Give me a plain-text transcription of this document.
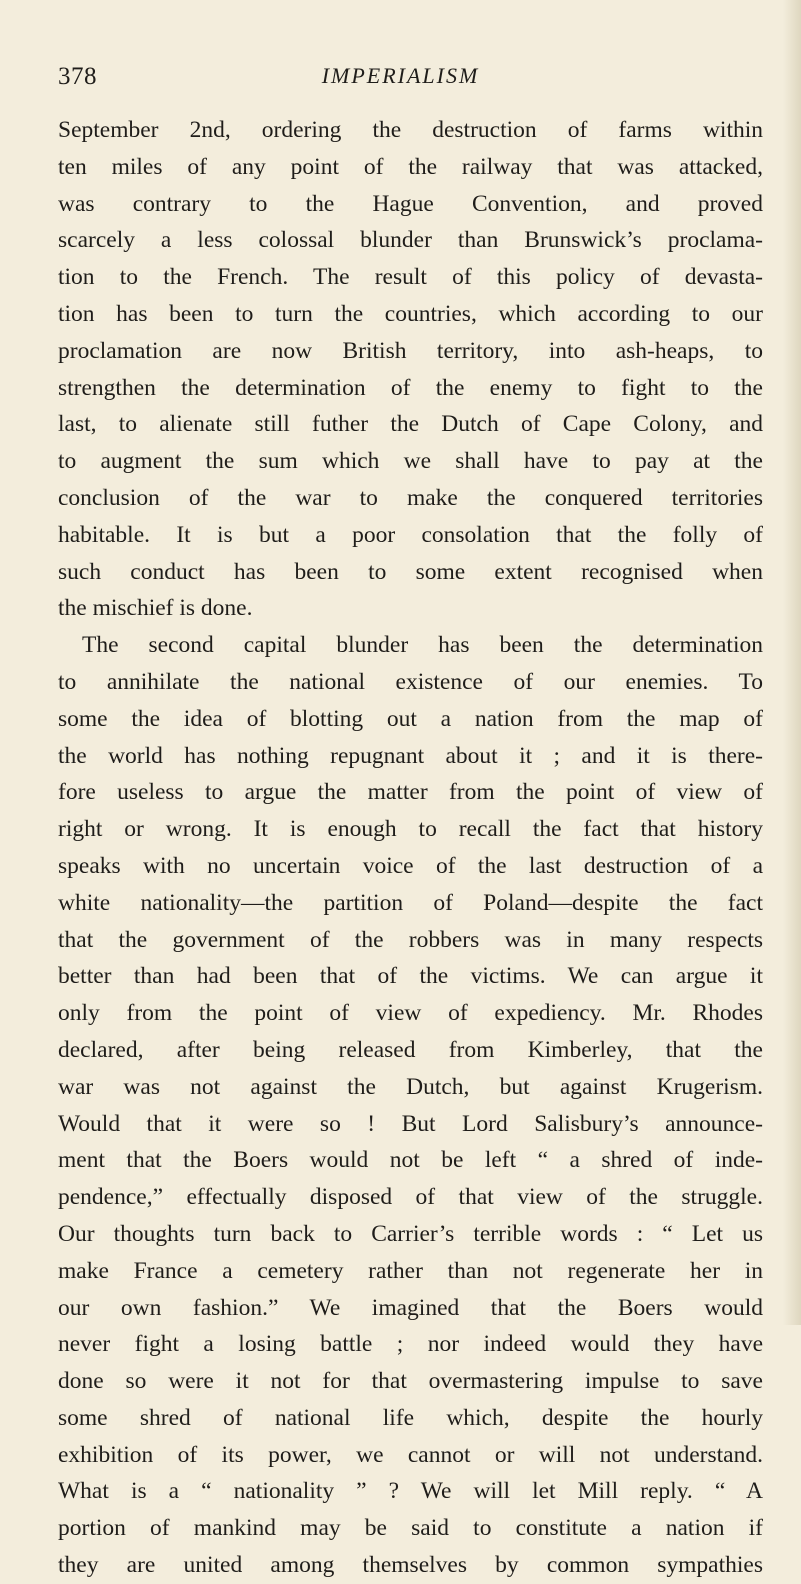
378	IMPERIALISM
September 2nd, ordering the destruction of farms within
ten miles of any point of the railway that was attacked,
was contrary to the Hague Convention, and proved
scarcely a less colossal blunder than Brunswick’s proclama-
tion to the French. The result of this policy of devasta-
tion has been to turn the countries, which according to our
proclamation are now British territory, into ash-heaps, to
strengthen the determination of the enemy to fight to the
last, to alienate still futher the Dutch of Cape Colony, and
to augment the sum which we shall have to pay at the
conclusion of the war to make the conquered territories
habitable. It is but a poor consolation that the folly of
such conduct has been to some extent recognised when
the mischief is done.
The second capital blunder has been the determination
to annihilate the national existence of our enemies. To
some the idea of blotting out a nation from the map of
the world has nothing repugnant about it ; and it is there-
fore useless to argue the matter from the point of view of
right or wrong. It is enough to recall the fact that history
speaks with no uncertain voice of the last destruction of a
white nationality—the partition of Poland—despite the fact
that the government of the robbers was in many respects
better than had been that of the victims. We can argue it
only from the point of view of expediency. Mr. Rhodes
declared, after being released from Kimberley, that the
war was not against the Dutch, but against Krugerism.
Would that it were so ! But Lord Salisbury’s announce-
ment that the Boers would not be left “ a shred of inde-
pendence,” effectually disposed of that view of the struggle.
Our thoughts turn back to Carrier’s terrible words : “ Let us
make France a cemetery rather than not regenerate her in
our own fashion.” We imagined that the Boers would
never fight a losing battle ; nor indeed would they have
done so were it not for that overmastering impulse to save
some shred of national life which, despite the hourly
exhibition of its power, we cannot or will not understand.
What is a “ nationality ” ? We will let Mill reply. “ A
portion of mankind may be said to constitute a nation if
they are united among themselves by common sympathies
